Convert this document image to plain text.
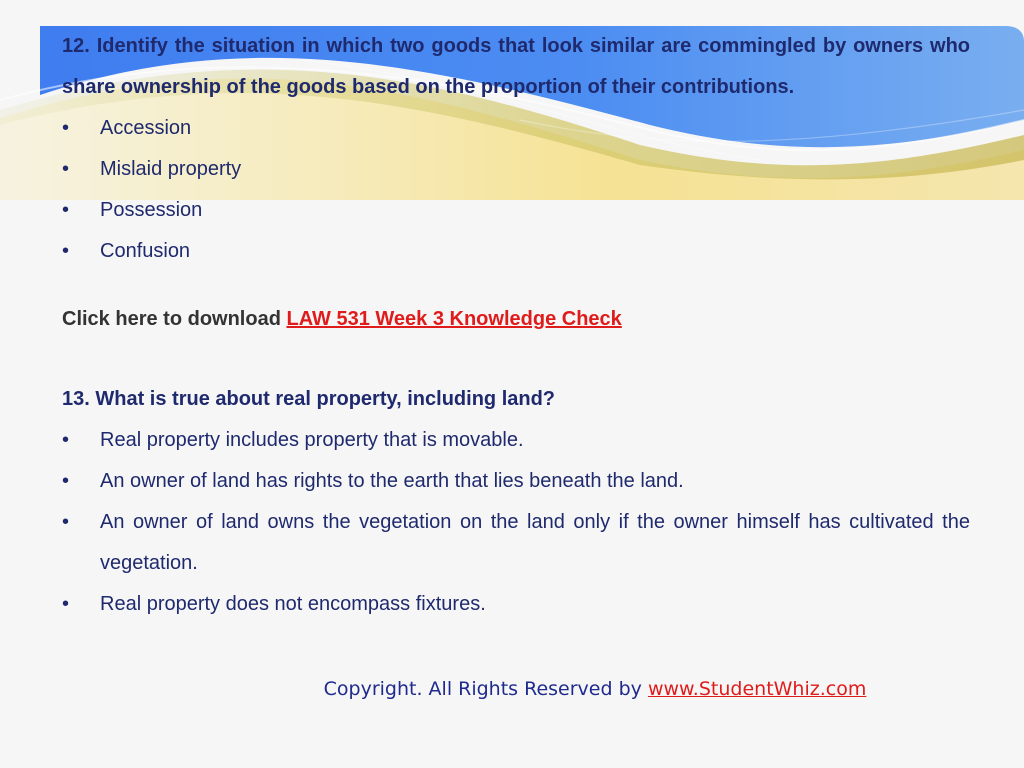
12. Identify the situation in which two goods that look similar are commingled by owners who share ownership of the goods based on the proportion of their contributions.

• Accession
• Mislaid property
• Possession
• Confusion
Click here to download LAW 531 Week 3 Knowledge Check

13. What is true about real property, including land?

• Real property includes property that is movable.
• An owner of land has rights to the earth that lies beneath the land.
• An owner of land owns the vegetation on the land only if the owner himself has cultivated the vegetation.
• Real property does not encompass fixtures.
Copyright. All Rights Reserved by www.StudentWhiz.com
